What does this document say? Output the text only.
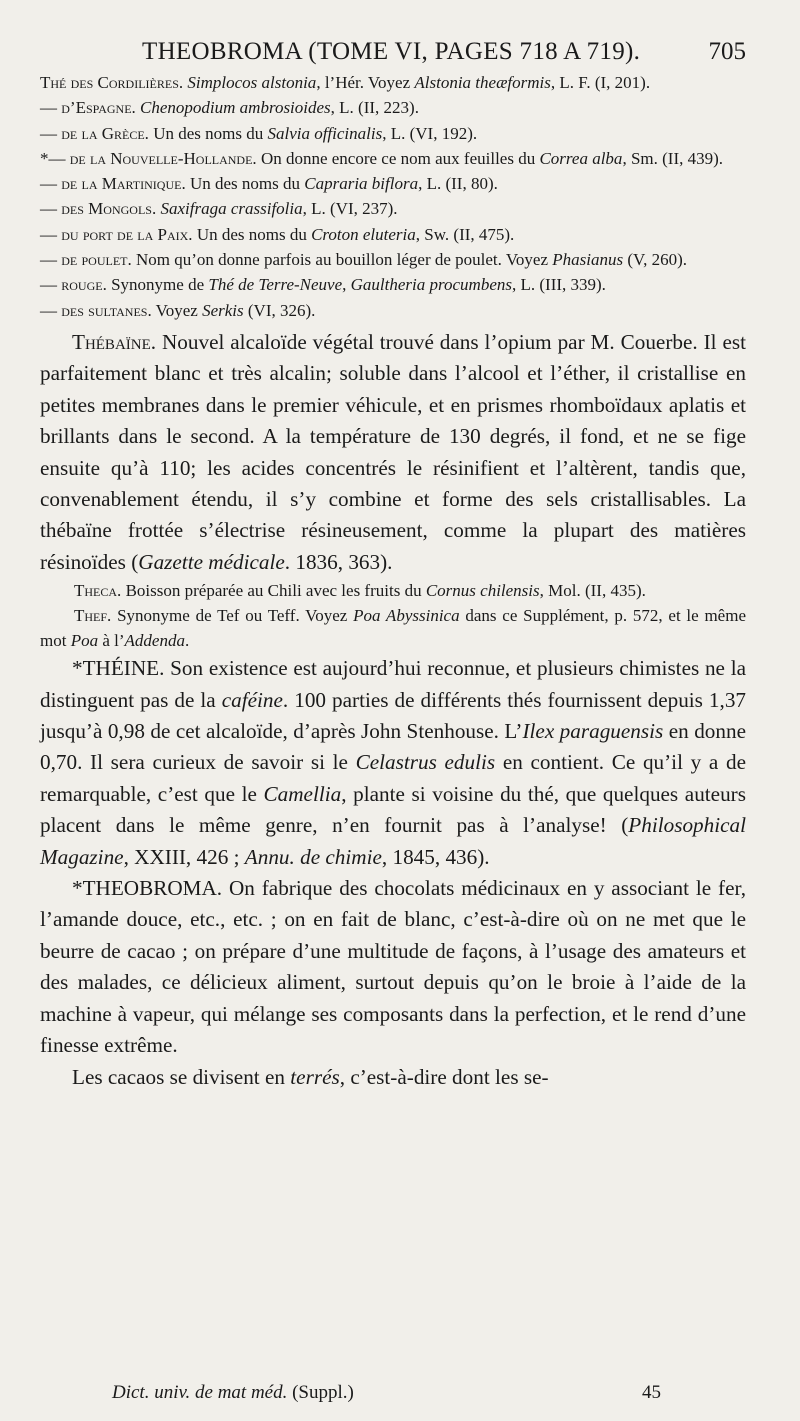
THEOBROMA (TOME VI, PAGES 718 A 719).	705

Thé des Cordilières. Simplocos alstonia, l’Hér. Voyez Alstonia theæformis, L. F. (I, 201).

— d’Espagne. Chenopodium ambrosioides, L. (II, 223).

— de la Grèce. Un des noms du Salvia officinalis, L. (VI, 192).

*— de la Nouvelle-Hollande. On donne encore ce nom aux feuilles du Correa alba, Sm. (II, 439).

— de la Martinique. Un des noms du Capraria biflora, L. (II, 80).

— des Mongols. Saxifraga crassifolia, L. (VI, 237).

— du port de la Paix. Un des noms du Croton eluteria, Sw. (II, 475).

— de poulet. Nom qu’on donne parfois au bouillon léger de poulet. Voyez Phasianus (V, 260).

— rouge. Synonyme de Thé de Terre-Neuve, Gaultheria procumbens, L. (III, 339).

— des sultanes. Voyez Serkis (VI, 326).

Thébaïne. Nouvel alcaloïde végétal trouvé dans l’opium par M. Couerbe. Il est parfaitement blanc et très alcalin; soluble dans l’alcool et l’éther, il cristallise en petites membranes dans le premier véhicule, et en prismes rhomboïdaux aplatis et brillants dans le second. A la température de 130 degrés, il fond, et ne se fige ensuite qu’à 110; les acides concentrés le résinifient et l’altèrent, tandis que, convenablement étendu, il s’y combine et forme des sels cristallisables. La thébaïne frottée s’électrise résineusement, comme la plupart des matières résinoïdes (Gazette médicale. 1836, 363).

Theca. Boisson préparée au Chili avec les fruits du Cornus chilensis, Mol. (II, 435).

Thef. Synonyme de Tef ou Teff. Voyez Poa Abyssinica dans ce Supplément, p. 572, et le même mot Poa à l’Addenda.

*THÉINE. Son existence est aujourd’hui reconnue, et plusieurs chimistes ne la distinguent pas de la caféine. 100 parties de différents thés fournissent depuis 1,37 jusqu’à 0,98 de cet alcaloïde, d’après John Stenhouse. L’Ilex paraguensis en donne 0,70. Il sera curieux de savoir si le Celastrus edulis en contient. Ce qu’il y a de remarquable, c’est que le Camellia, plante si voisine du thé, que quelques auteurs placent dans le même genre, n’en fournit pas à l’analyse! (Philosophical Magazine, XXIII, 426 ; Annu. de chimie, 1845, 436).

*THEOBROMA. On fabrique des chocolats médicinaux en y associant le fer, l’amande douce, etc., etc. ; on en fait de blanc, c’est-à-dire où on ne met que le beurre de cacao ; on prépare d’une multitude de façons, à l’usage des amateurs et des malades, ce délicieux aliment, surtout depuis qu’on le broie à l’aide de la machine à vapeur, qui mélange ses composants dans la perfection, et le rend d’une finesse extrême.

Les cacaos se divisent en terrés, c’est-à-dire dont les se-

Dict. univ. de mat méd. (Suppl.)	45
